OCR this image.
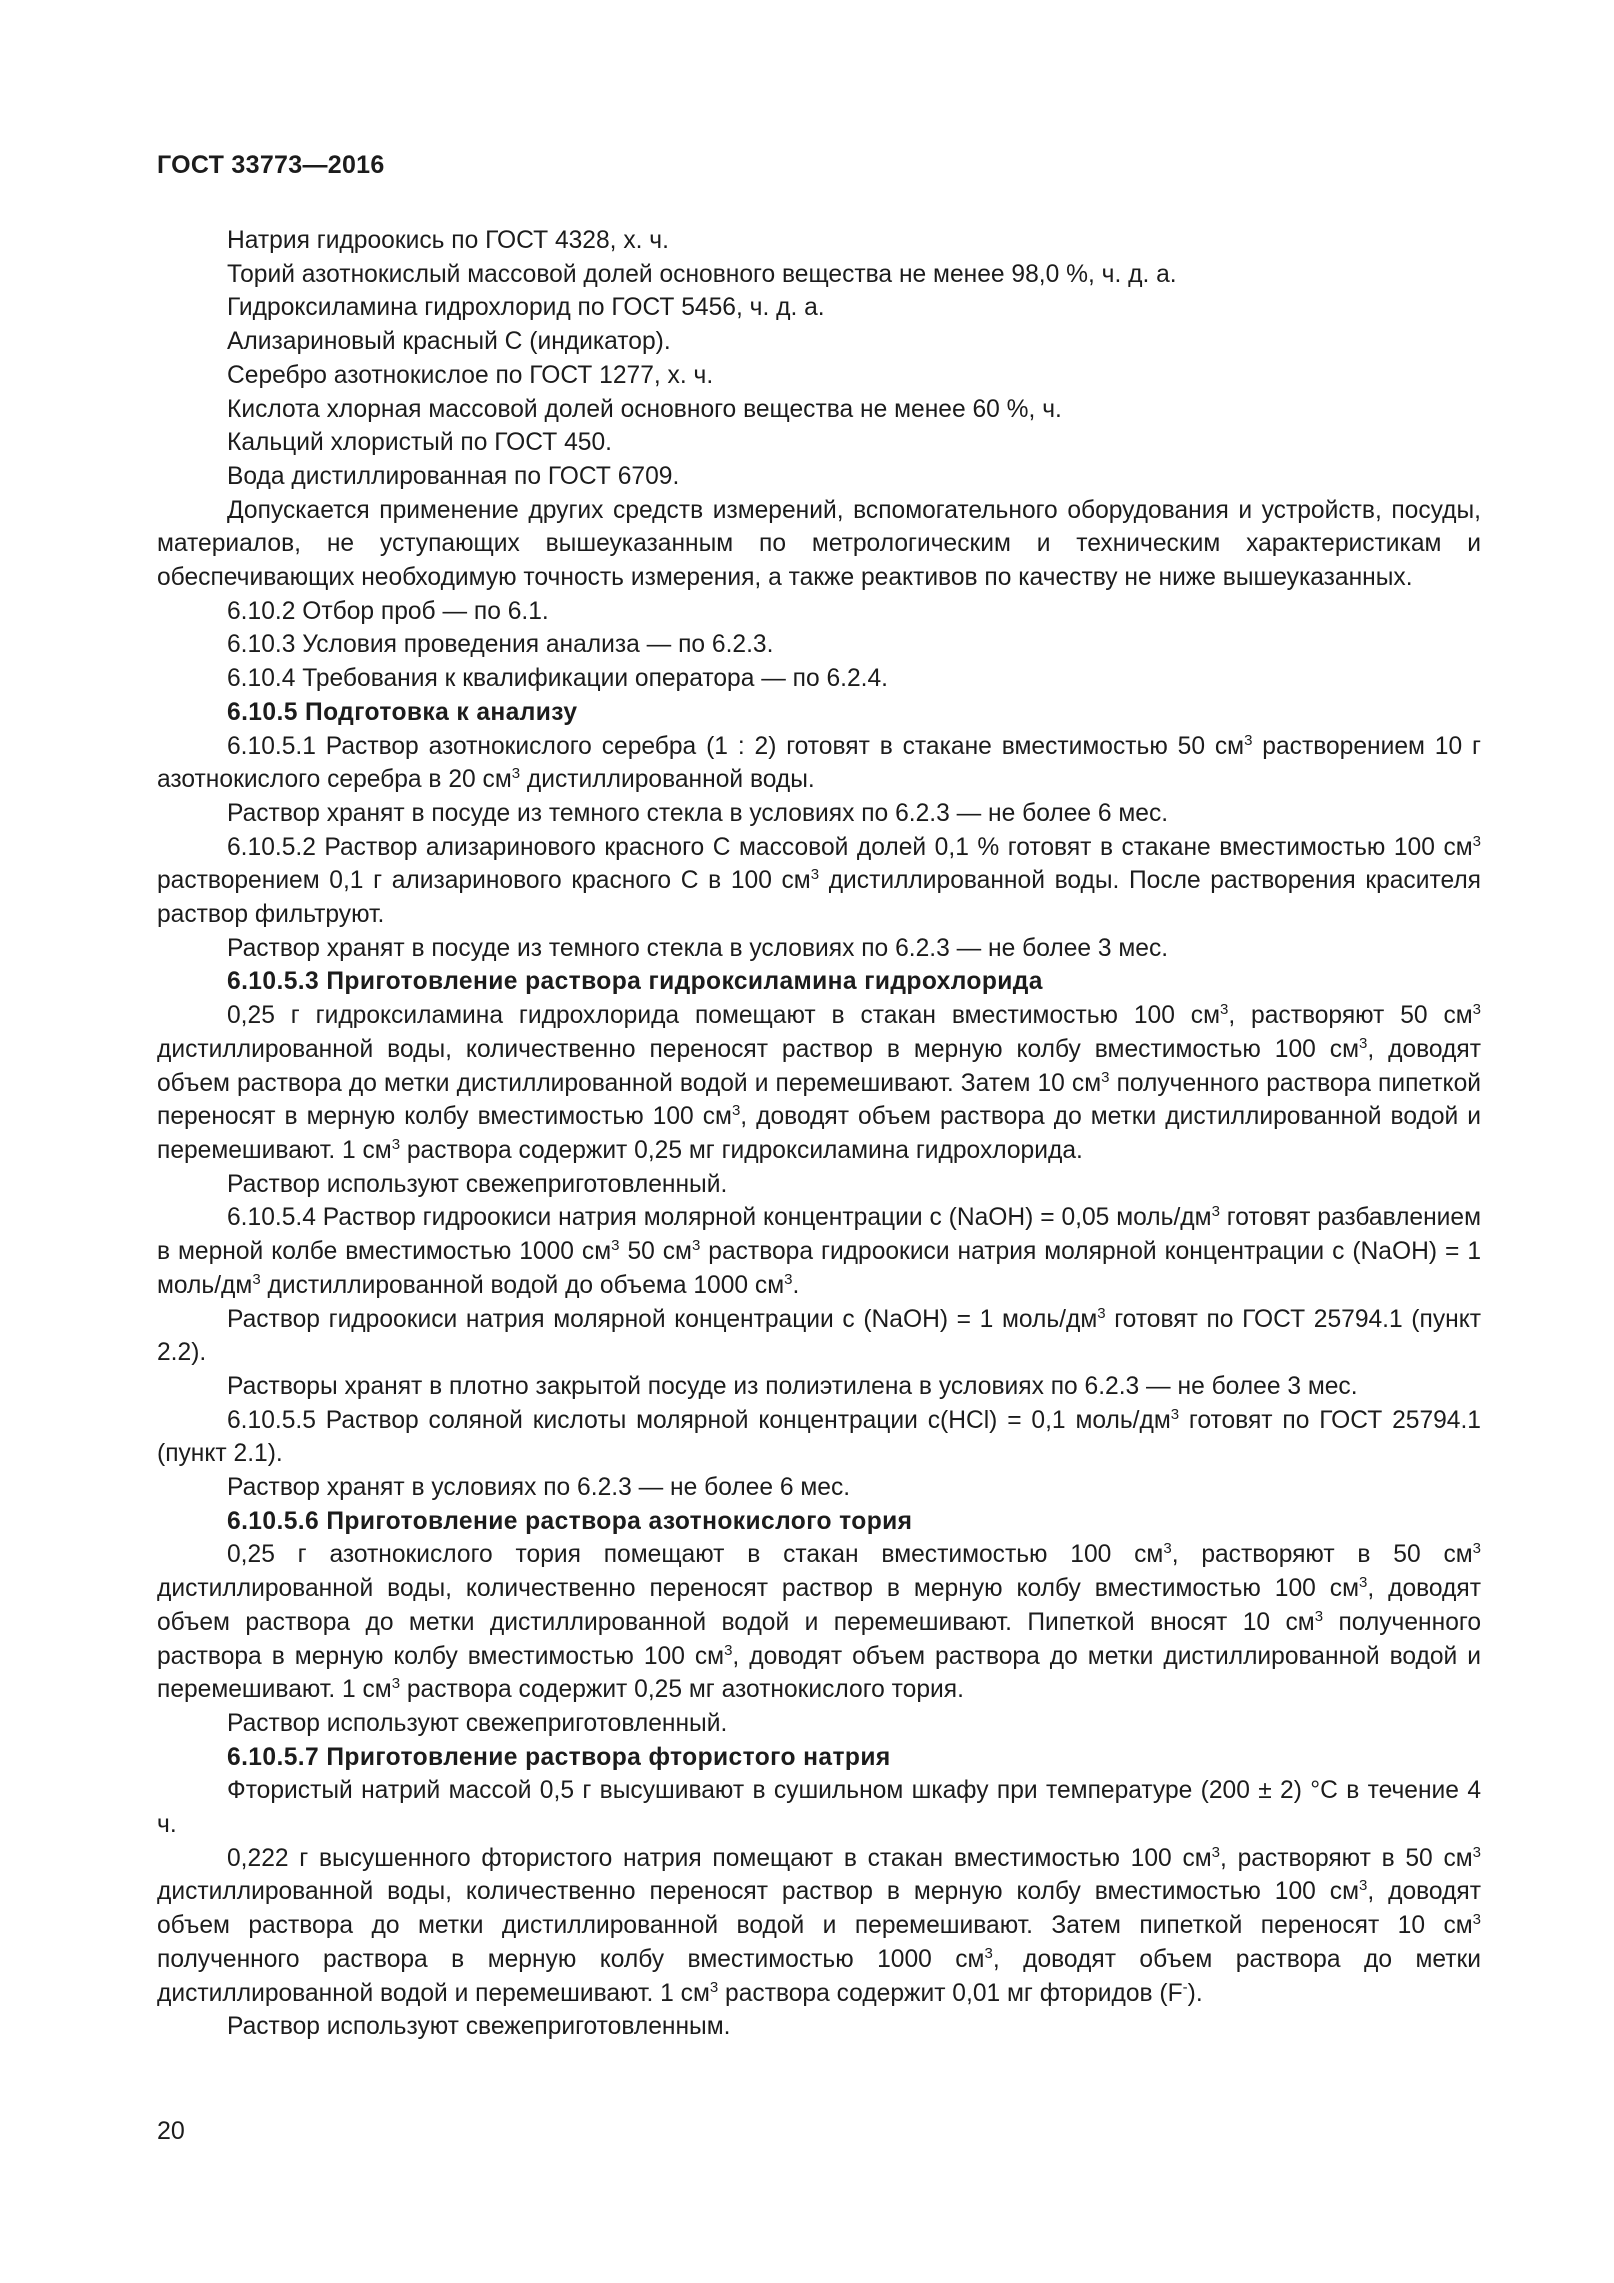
ГОСТ 33773—2016

Натрия гидроокись по ГОСТ 4328, х. ч.

Торий азотнокислый массовой долей основного вещества не менее 98,0 %, ч. д. а.

Гидроксиламина гидрохлорид по ГОСТ 5456, ч. д. а.

Ализариновый красный С (индикатор).

Серебро азотнокислое по ГОСТ 1277, х. ч.

Кислота хлорная массовой долей основного вещества не менее 60 %, ч.

Кальций хлористый по ГОСТ 450.

Вода дистиллированная по ГОСТ 6709.

Допускается применение других средств измерений, вспомогательного оборудования и устройств, посуды, материалов, не уступающих вышеуказанным по метрологическим и техническим характеристикам и обеспечивающих необходимую точность измерения, а также реактивов по качеству не ниже вышеуказанных.

6.10.2 Отбор проб — по 6.1.

6.10.3 Условия проведения анализа — по 6.2.3.

6.10.4 Требования к квалификации оператора — по 6.2.4.

6.10.5 Подготовка к анализу

6.10.5.1 Раствор азотнокислого серебра (1 : 2) готовят в стакане вместимостью 50 $см^3$ растворением 10 г азотнокислого серебра в 20 $см^3$ дистиллированной воды.

Раствор хранят в посуде из темного стекла в условиях по 6.2.3 — не более 6 мес.

6.10.5.2 Раствор ализаринового красного С массовой долей 0,1 % готовят в стакане вместимостью 100 $см^3$ растворением 0,1 г ализаринового красного С в 100 $см^3$ дистиллированной воды. После растворения красителя раствор фильтруют.

Раствор хранят в посуде из темного стекла в условиях по 6.2.3 — не более 3 мес.

6.10.5.3 Приготовление раствора гидроксиламина гидрохлорида

0,25 г гидроксиламина гидрохлорида помещают в стакан вместимостью 100 $см^3$, растворяют 50 $см^3$ дистиллированной воды, количественно переносят раствор в мерную колбу вместимостью 100 $см^3$, доводят объем раствора до метки дистиллированной водой и перемешивают. Затем 10 $см^3$ полученного раствора пипеткой переносят в мерную колбу вместимостью 100 $см^3$, доводят объем раствора до метки дистиллированной водой и перемешивают. 1 $см^3$ раствора содержит 0,25 мг гидроксиламина гидрохлорида.

Раствор используют свежеприготовленный.

6.10.5.4 Раствор гидроокиси натрия молярной концентрации c (NaOH) = 0,05 моль/$дм^3$ готовят разбавлением в мерной колбе вместимостью 1000 $см^3$ 50 $см^3$ раствора гидроокиси натрия молярной концентрации c (NaOH) = 1 моль/$дм^3$ дистиллированной водой до объема 1000 $см^3$.

Раствор гидроокиси натрия молярной концентрации c (NaOH) = 1 моль/$дм^3$ готовят по ГОСТ 25794.1 (пункт 2.2).

Растворы хранят в плотно закрытой посуде из полиэтилена в условиях по 6.2.3 — не более 3 мес.

6.10.5.5 Раствор соляной кислоты молярной концентрации c(HCl) = 0,1 моль/$дм^3$ готовят по ГОСТ 25794.1 (пункт 2.1).

Раствор хранят в условиях по 6.2.3 — не более 6 мес.

6.10.5.6 Приготовление раствора азотнокислого тория

0,25 г азотнокислого тория помещают в стакан вместимостью 100 $см^3$, растворяют в 50 $см^3$ дистиллированной воды, количественно переносят раствор в мерную колбу вместимостью 100 $см^3$, доводят объем раствора до метки дистиллированной водой и перемешивают. Пипеткой вносят 10 $см^3$ полученного раствора в мерную колбу вместимостью 100 $см^3$, доводят объем раствора до метки дистиллированной водой и перемешивают. 1 $см^3$ раствора содержит 0,25 мг азотнокислого тория.

Раствор используют свежеприготовленный.

6.10.5.7 Приготовление раствора фтористого натрия

Фтористый натрий массой 0,5 г высушивают в сушильном шкафу при температуре (200 ± 2) °С в течение 4 ч.

0,222 г высушенного фтористого натрия помещают в стакан вместимостью 100 $см^3$, растворяют в 50 $см^3$ дистиллированной воды, количественно переносят раствор в мерную колбу вместимостью 100 $см^3$, доводят объем раствора до метки дистиллированной водой и перемешивают. Затем пипеткой переносят 10 $см^3$ полученного раствора в мерную колбу вместимостью 1000 $см^3$, доводят объем раствора до метки дистиллированной водой и перемешивают. 1 $см^3$ раствора содержит 0,01 мг фторидов (F-).

Раствор используют свежеприготовленным.

20
